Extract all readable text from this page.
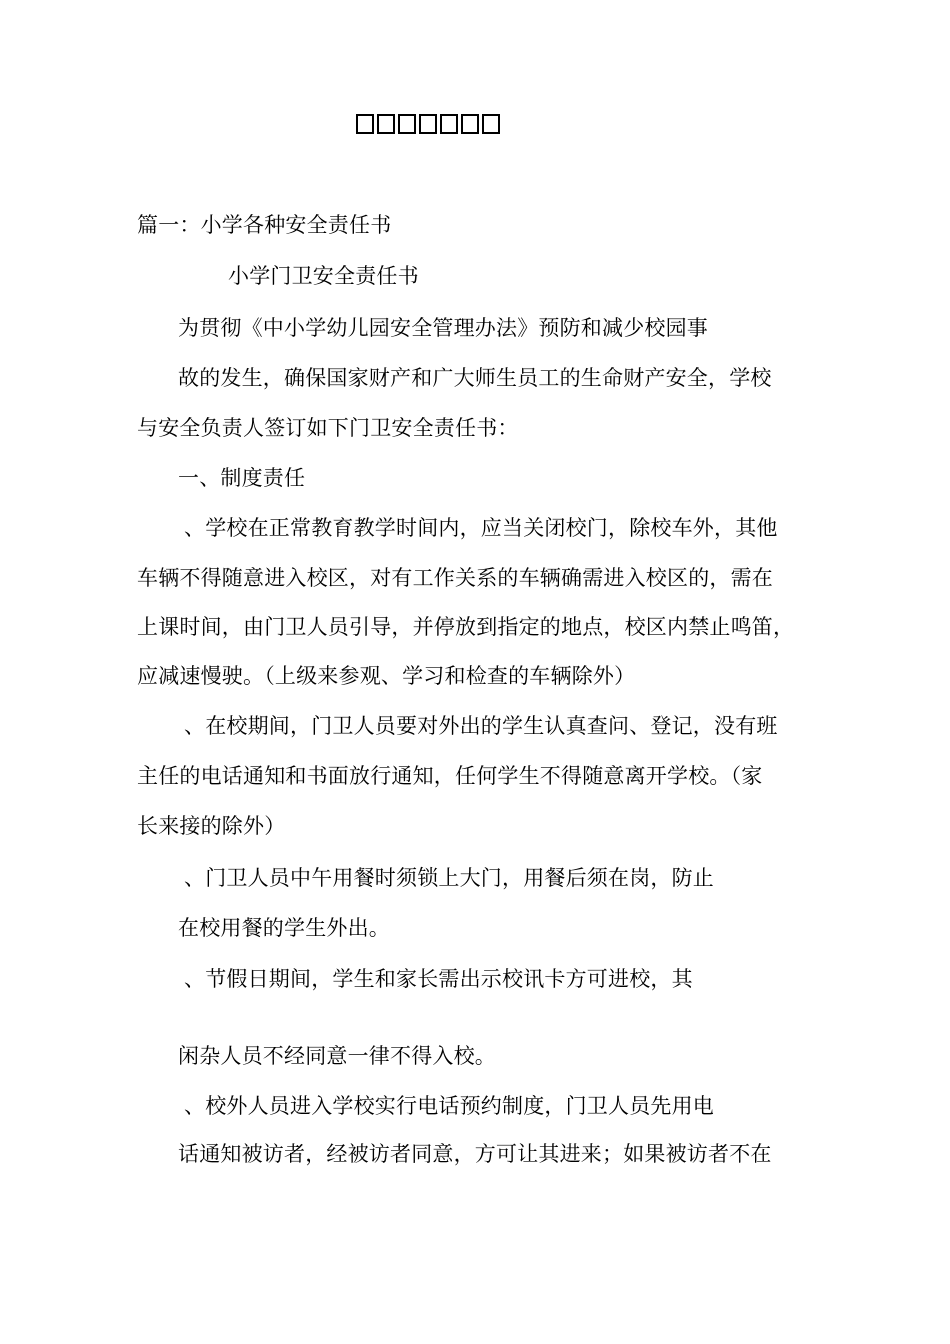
篇一：小学各种安全责任书
小学门卫安全责任书
为贯彻《中小学幼儿园安全管理办法》预防和减少校园事
故的发生，确保国家财产和广大师生员工的生命财产安全，学校
与安全负责人签订如下门卫安全责任书：
一、制度责任
、学校在正常教育教学时间内，应当关闭校门，除校车外，其他
车辆不得随意进入校区，对有工作关系的车辆确需进入校区的，需在
上课时间，由门卫人员引导，并停放到指定的地点，校区内禁止鸣笛，
应减速慢驶。（上级来参观、学习和检查的车辆除外）
、在校期间，门卫人员要对外出的学生认真查问、登记，没有班
主任的电话通知和书面放行通知，任何学生不得随意离开学校。（家
长来接的除外）
、门卫人员中午用餐时须锁上大门，用餐后须在岗，防止
在校用餐的学生外出。
、节假日期间，学生和家长需出示校讯卡方可进校，其
闲杂人员不经同意一律不得入校。
、校外人员进入学校实行电话预约制度，门卫人员先用电
话通知被访者，经被访者同意，方可让其进来；如果被访者不在
